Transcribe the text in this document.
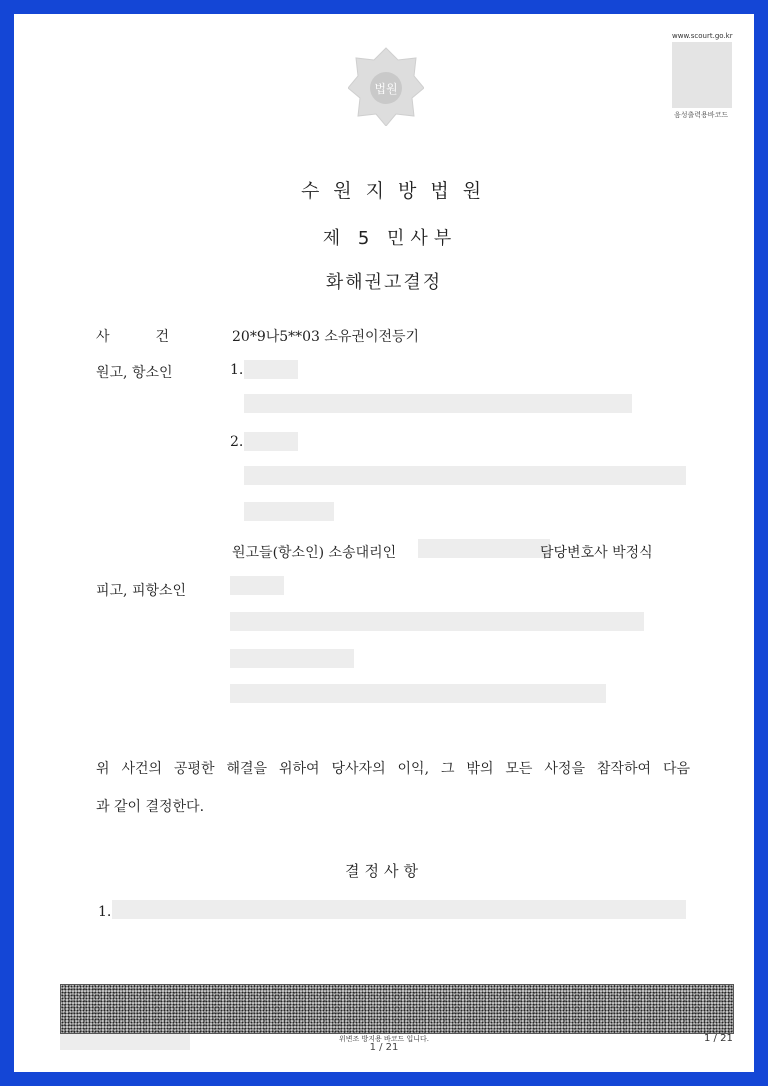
법원
www.scourt.go.kr
음성출력용바코드
수원지방법원
제 5 민사부
화해권고결정
사건 20*9나5**03 소유권이전등기
원고, 항소인	1.
2.
원고들(항소인) 소송대리인	담당변호사 박정식
피고, 피항소인
위 사건의 공평한 해결을 위하여 당사자의 이익, 그 밖의 모든 사정을 참작하여 다음
과 같이 결정한다.
결정사항
1.
위변조 방지용 바코드 입니다.
1 / 21
1 / 21
